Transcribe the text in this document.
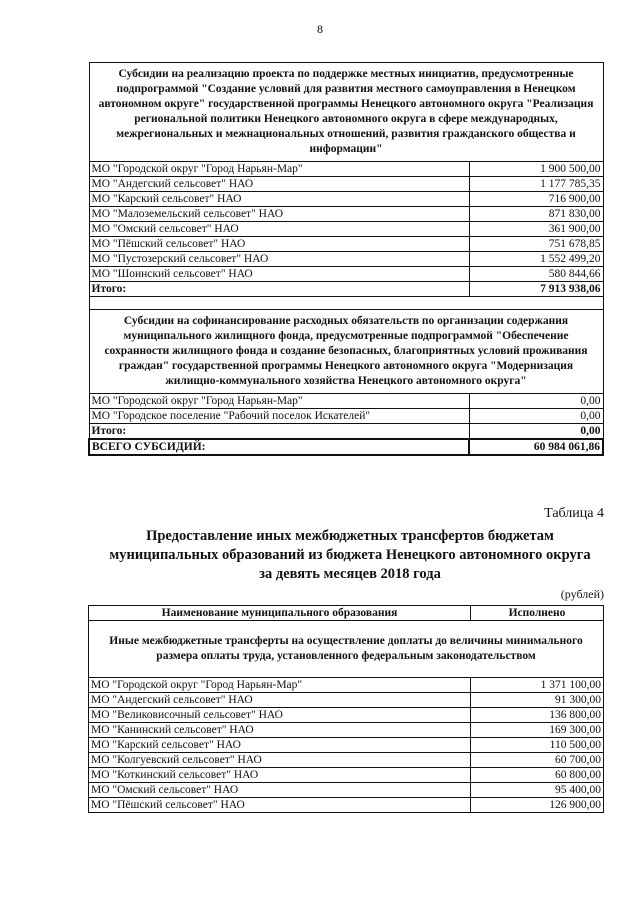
8
Субсидии на реализацию проекта по поддержке местных инициатив, предусмотренные подпрограммой "Создание условий для развития местного самоуправления в Ненецком автономном округе" государственной программы Ненецкого автономного округа "Реализация региональной политики Ненецкого автономного округа в сфере международных, межрегиональных и межнациональных отношений, развития гражданского общества и информации"	
МО "Городской округ "Город Нарьян-Мар"	1 900 500,00
МО "Андегский сельсовет" НАО	1 177 785,35
МО "Карский сельсовет" НАО	716 900,00
МО "Малоземельский сельсовет" НАО	871 830,00
МО "Омский сельсовет" НАО	361 900,00
МО "Пёшский сельсовет" НАО	751 678,85
МО "Пустозерский сельсовет" НАО	1 552 499,20
МО "Шоинский сельсовет" НАО	580 844,66
Итого:	7 913 938,06

Субсидии на софинансирование расходных обязательств по организации содержания муниципального жилищного фонда, предусмотренные подпрограммой "Обеспечение сохранности жилищного фонда и создание безопасных, благоприятных условий проживания граждан" государственной программы Ненецкого автономного округа "Модернизация жилищно-коммунального хозяйства Ненецкого автономного округа"	
МО "Городской округ "Город Нарьян-Мар"	0,00
МО "Городское поселение "Рабочий поселок Искателей"	0,00
Итого:	0,00
ВСЕГО СУБСИДИЙ:	60 984 061,86
Таблица 4
Предоставление иных межбюджетных трансфертов бюджетам
муниципальных образований из бюджета Ненецкого автономного округа
за девять месяцев 2018 года
(рублей)
Наименование муниципального образования	Исполнено
Иные межбюджетные трансферты на осуществление доплаты до величины минимального размера оплаты труда, установленного федеральным законодательством	
МО "Городской округ "Город Нарьян-Мар"	1 371 100,00
МО "Андегский сельсовет" НАО	91 300,00
МО "Великовисочный сельсовет" НАО	136 800,00
МО "Канинский сельсовет" НАО	169 300,00
МО "Карский сельсовет" НАО	110 500,00
МО "Колгуевский сельсовет" НАО	60 700,00
МО "Коткинский сельсовет" НАО	60 800,00
МО "Омский сельсовет" НАО	95 400,00
МО "Пёшский сельсовет" НАО	126 900,00
